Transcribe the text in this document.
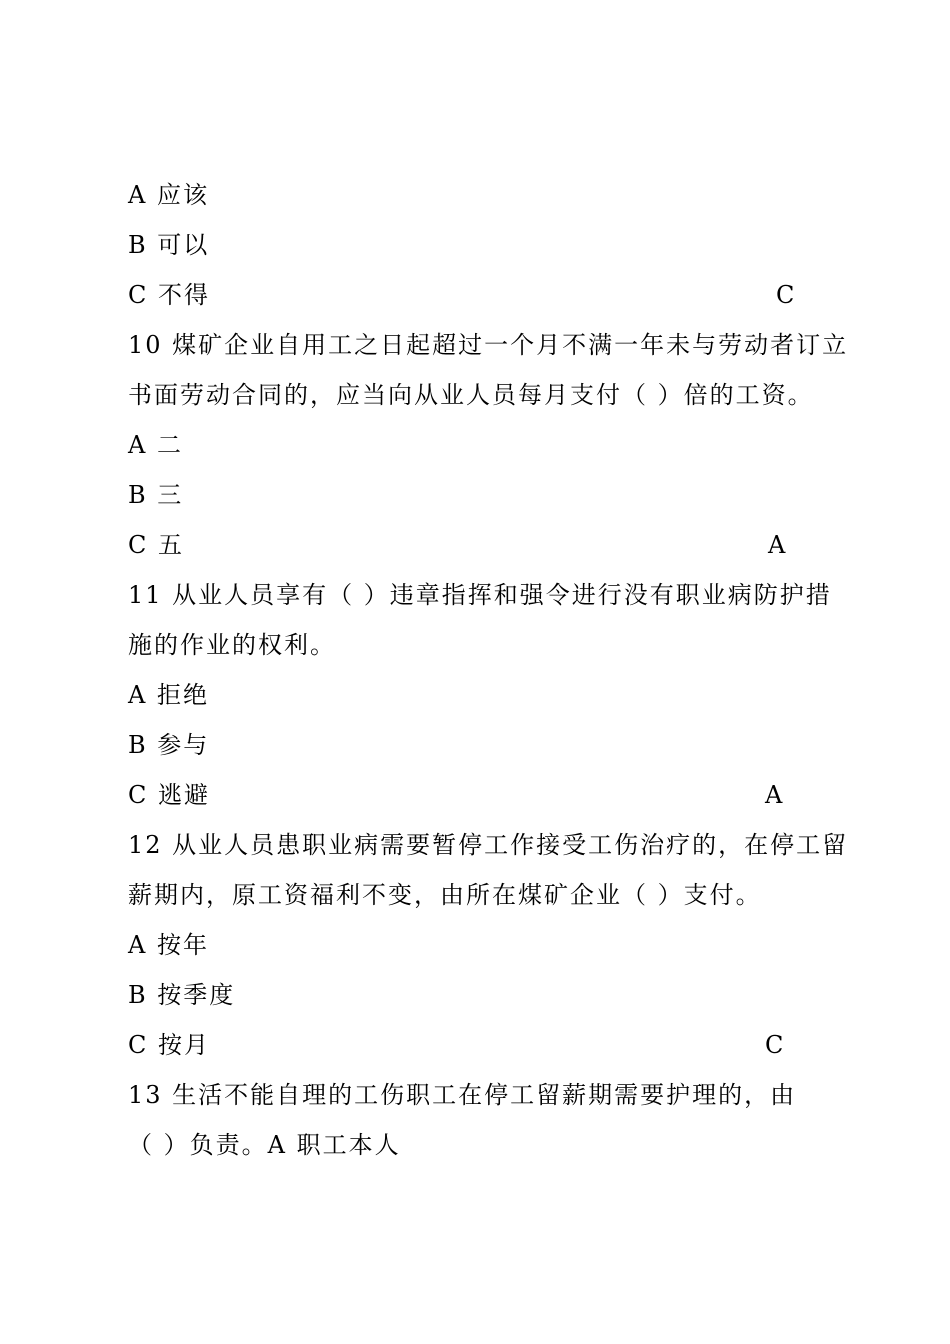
A 应该
B 可以
C 不得	C
10 煤矿企业自用工之日起超过一个月不满一年未与劳动者订立
书面劳动合同的，应当向从业人员每月支付（ ）倍的工资。
A 二
B 三
C 五	A
11 从业人员享有（ ）违章指挥和强令进行没有职业病防护措
施的作业的权利。
A 拒绝
B 参与
C 逃避	A
12 从业人员患职业病需要暂停工作接受工伤治疗的，在停工留
薪期内，原工资福利不变，由所在煤矿企业（ ）支付。
A 按年
B 按季度
C 按月	C
13 生活不能自理的工伤职工在停工留薪期需要护理的，由
（ ）负责。A 职工本人
